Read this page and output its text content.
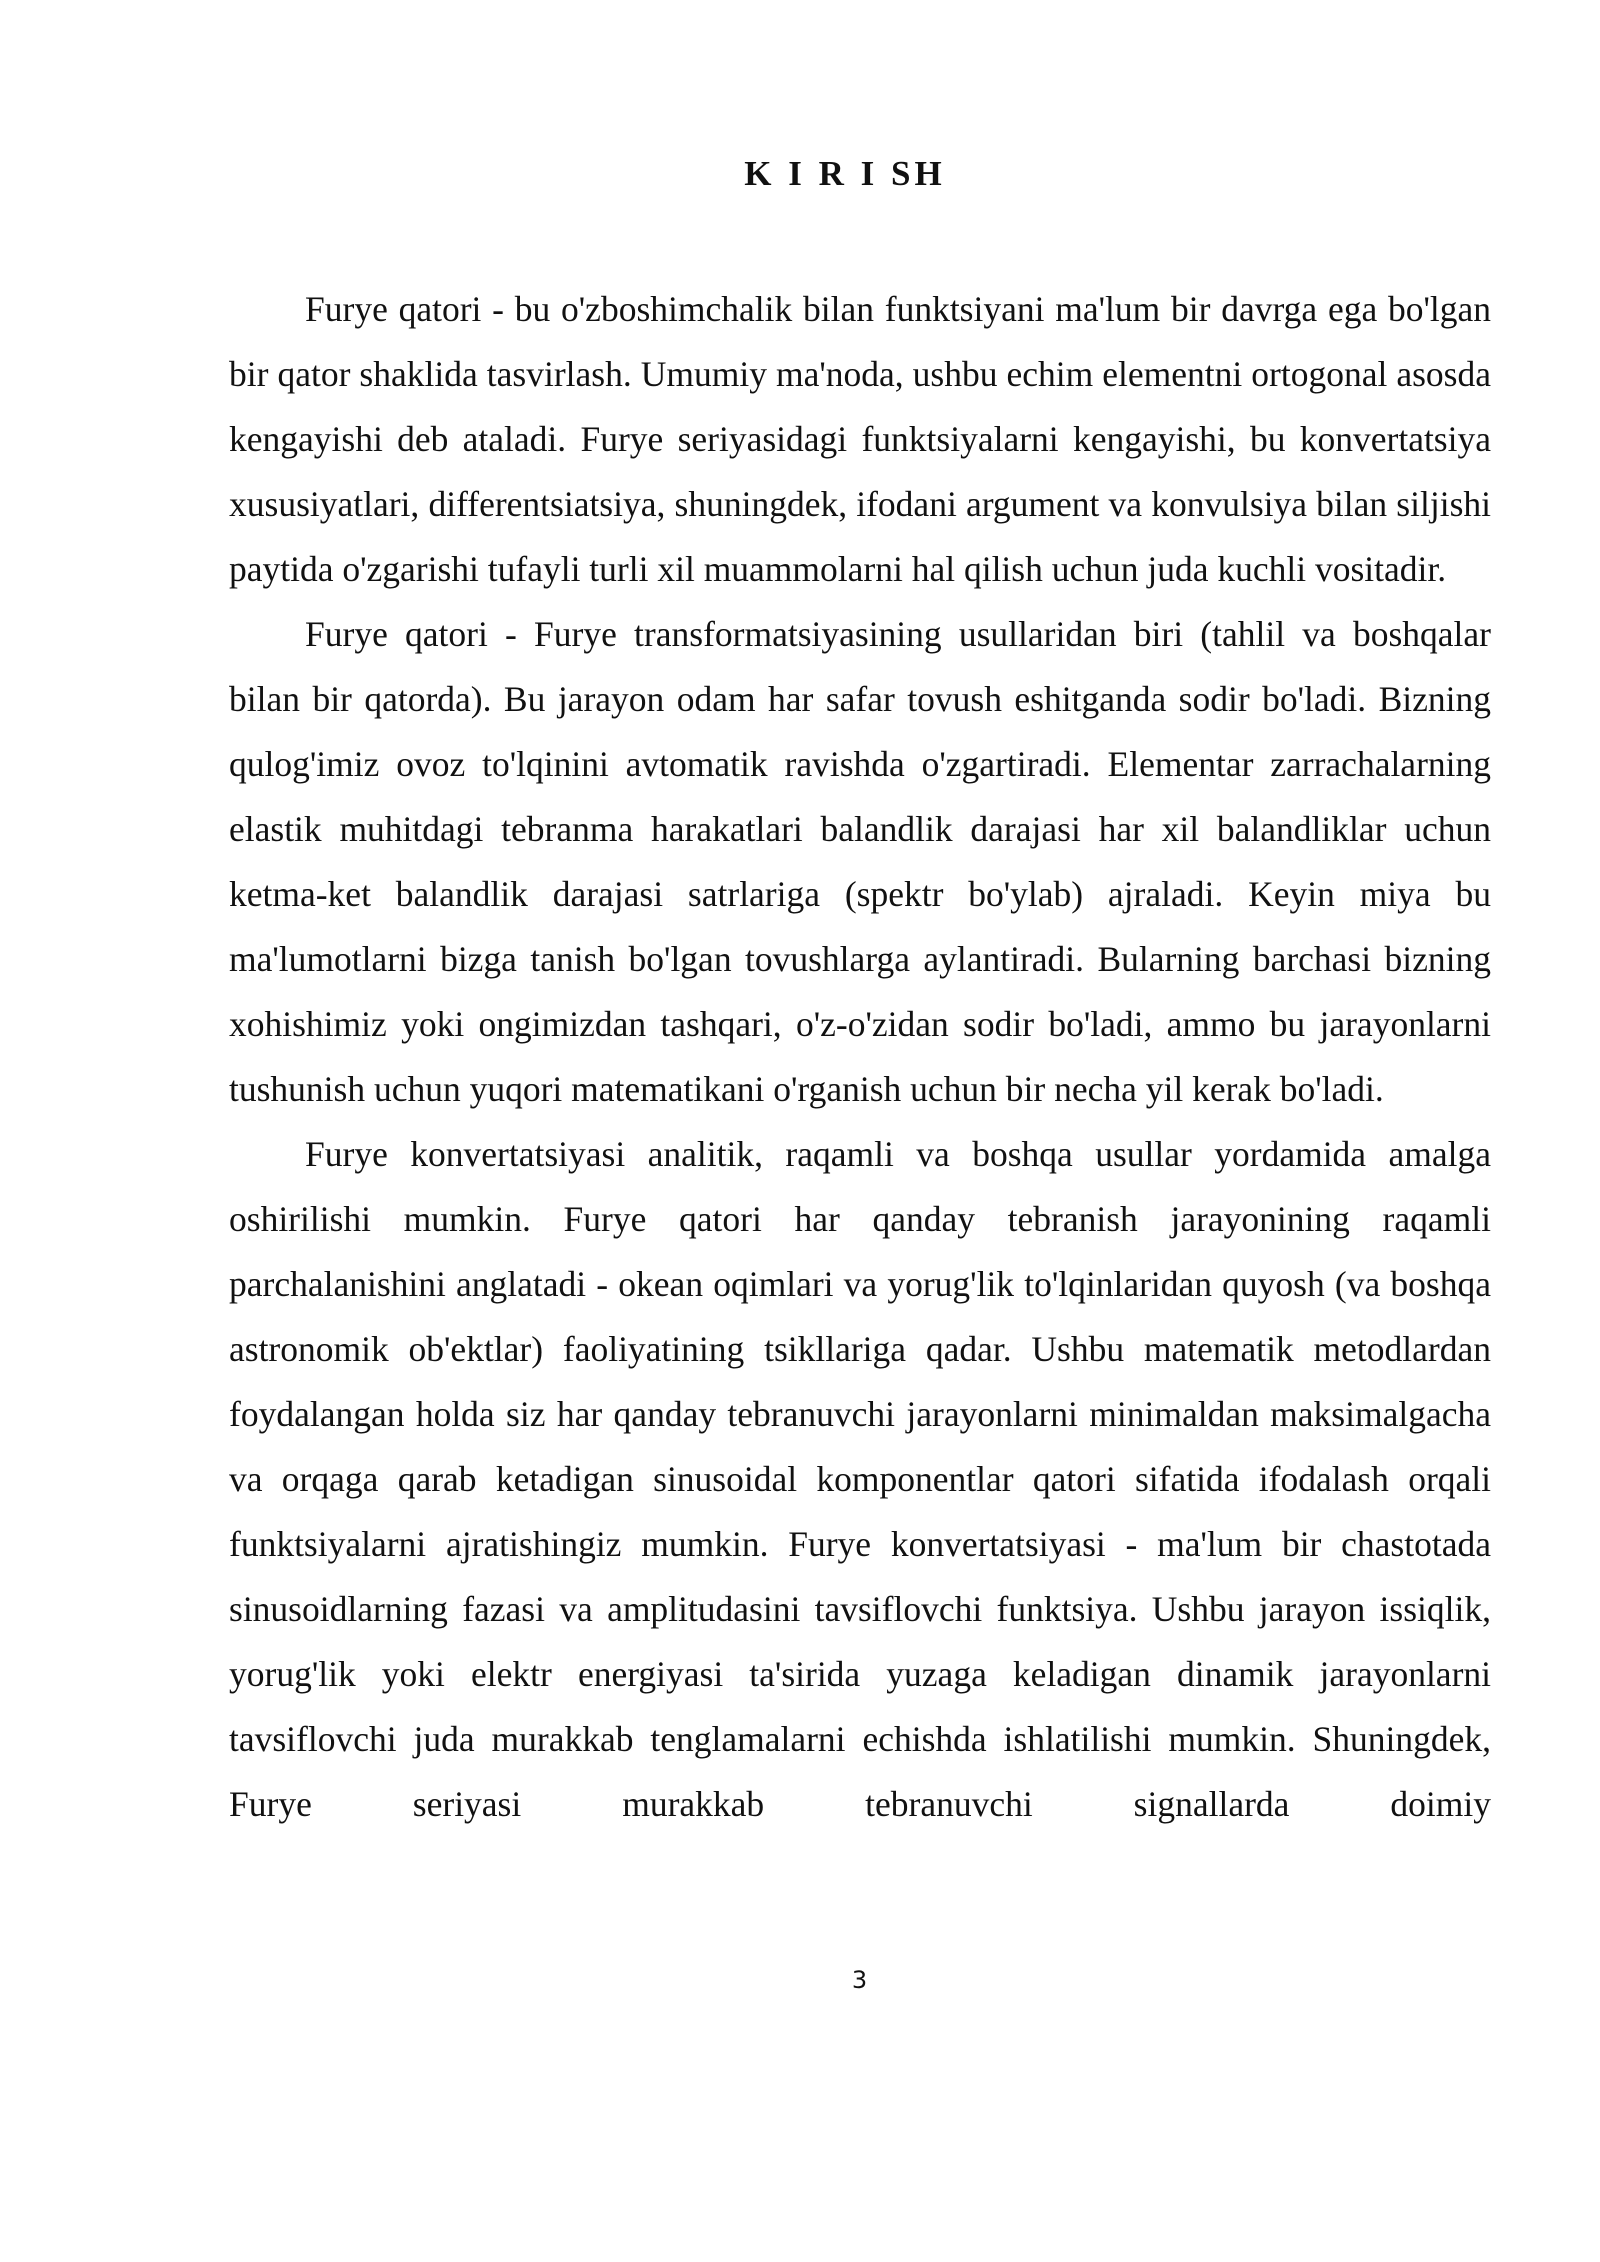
K I R I SH

Furye qatori - bu o'zboshimchalik bilan funktsiyani ma'lum bir davrga ega bo'lgan bir qator shaklida tasvirlash. Umumiy ma'noda, ushbu echim elementni ortogonal asosda kengayishi deb ataladi. Furye seriyasidagi funktsiyalarni kengayishi, bu konvertatsiya xususiyatlari, differentsiatsiya, shuningdek, ifodani argument va konvulsiya bilan siljishi paytida o'zgarishi tufayli turli xil muammolarni hal qilish uchun juda kuchli vositadir.

Furye qatori - Furye transformatsiyasining usullaridan biri (tahlil va boshqalar bilan bir qatorda). Bu jarayon odam har safar tovush eshitganda sodir bo'ladi. Bizning qulog'imiz ovoz to'lqinini avtomatik ravishda o'zgartiradi. Elementar zarrachalarning elastik muhitdagi tebranma harakatlari balandlik darajasi har xil balandliklar uchun ketma-ket balandlik darajasi satrlariga (spektr bo'ylab) ajraladi. Keyin miya bu ma'lumotlarni bizga tanish bo'lgan tovushlarga aylantiradi. Bularning barchasi bizning xohishimiz yoki ongimizdan tashqari, o'z-o'zidan sodir bo'ladi, ammo bu jarayonlarni tushunish uchun yuqori matematikani o'rganish uchun bir necha yil kerak bo'ladi.

Furye konvertatsiyasi analitik, raqamli va boshqa usullar yordamida amalga oshirilishi mumkin. Furye qatori har qanday tebranish jarayonining raqamli parchalanishini anglatadi - okean oqimlari va yorug'lik to'lqinlaridan quyosh (va boshqa astronomik ob'ektlar) faoliyatining tsikllariga qadar. Ushbu matematik metodlardan foydalangan holda siz har qanday tebranuvchi jarayonlarni minimaldan maksimalgacha va orqaga qarab ketadigan sinusoidal komponentlar qatori sifatida ifodalash orqali funktsiyalarni ajratishingiz mumkin. Furye konvertatsiyasi - ma'lum bir chastotada sinusoidlarning fazasi va amplitudasini tavsiflovchi funktsiya. Ushbu jarayon issiqlik, yorug'lik yoki elektr energiyasi ta'sirida yuzaga keladigan dinamik jarayonlarni tavsiflovchi juda murakkab tenglamalarni echishda ishlatilishi mumkin. Shuningdek, Furye seriyasi murakkab tebranuvchi signallarda doimiy

3
